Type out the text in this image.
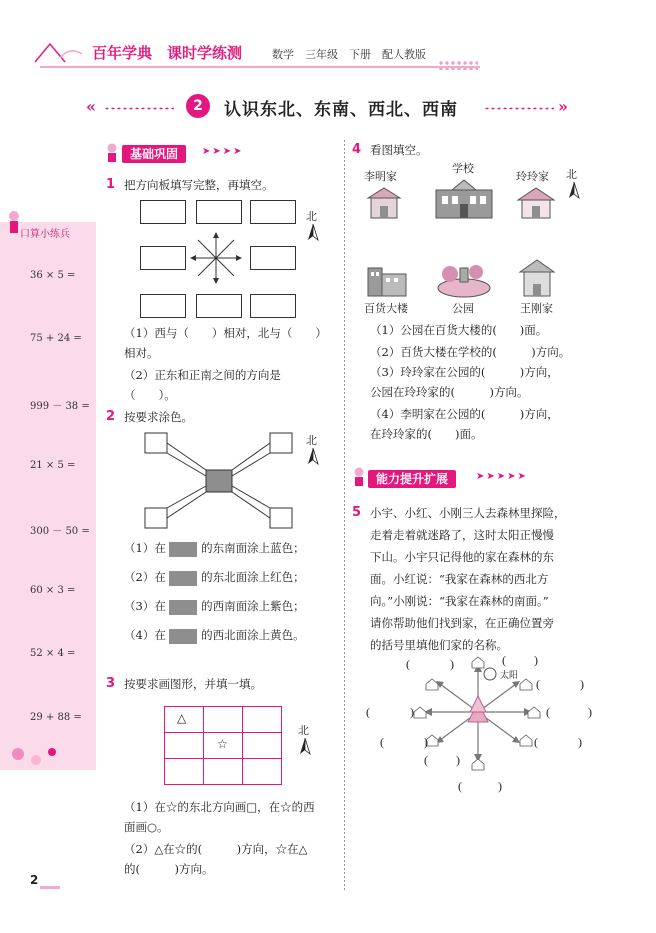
百年学典　课时学练测	数学　三年级　下册　配人教版
«	2	认识东北、东南、西北、西南	»
口算小练兵
36 × 5 =
75 + 24 =
999 － 38 =
21 × 5 =
300 － 50 =
60 × 3 =
52 × 4 =
29 + 88 =
基础巩固	➤➤➤➤
1 把方向板填写完整，再填空。
北
（1）西与（　　）相对，北与（　　）
相对。
（2）正东和正南之间的方向是
（　　）。
2 按要求涂色。
北
（1）在	的东南面涂上蓝色；
（2）在	的东北面涂上红色；
（3）在	的西南面涂上紫色；
（4）在	的西北面涂上黄色。
3 按要求画图形，并填一填。
△
☆
北
（1）在☆的东北方向画□，在☆的西
面画○。
（2）△在☆的(　　　)方向，☆在△
的(　　　)方向。
4 看图填空。
李明家
学校
玲玲家 北
百货大楼	公园	王刚家
（1）公园在百货大楼的(　　)面。
（2）百货大楼在学校的(　　　)方向。
（3）玲玲家在公园的(　　　)方向，
公园在玲玲家的(　　　)方向。
（4）李明家在公园的(　　　)方向，
在玲玲家的(　　)面。
能力提升扩展	➤➤➤➤➤
5 小宇、小红、小刚三人去森林里探险，
走着走着就迷路了，这时太阳正慢慢
下山。小宇只记得他的家在森林的东
面。小红说：“我家在森林的西北方
向。”小刚说：“我家在森林的南面。”
请你帮助他们找到家，在正确位置旁
的括号里填他们家的名称。
(	)	( )
(	)
(	)	(	)
(	)	(	)
( )
(	)
太阳
2
